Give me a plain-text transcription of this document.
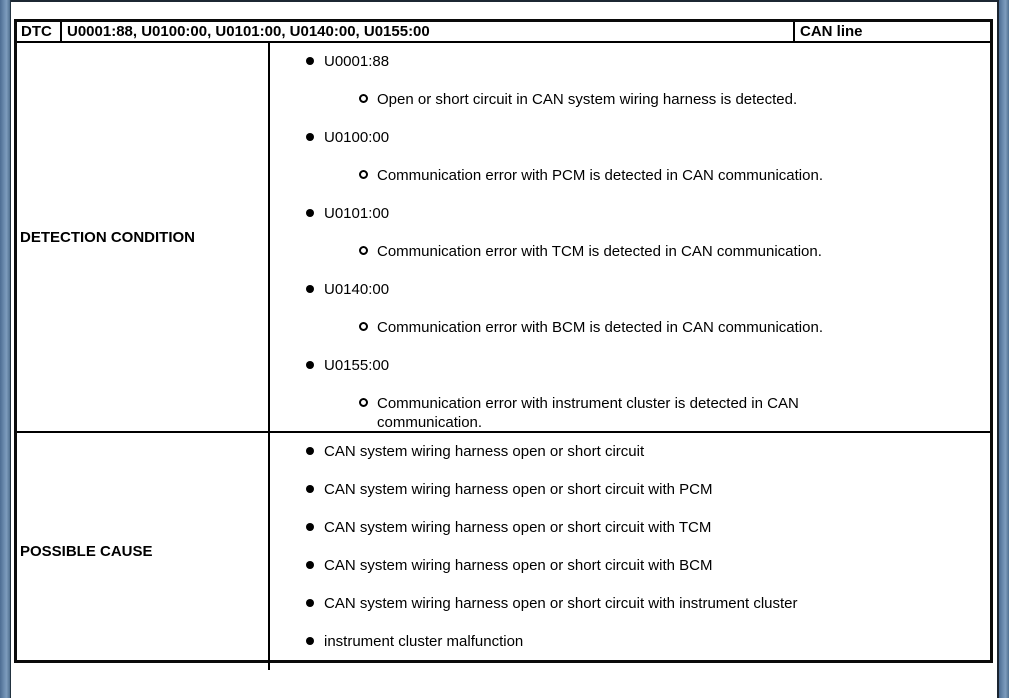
DTC	U0001:88, U0100:00, U0101:00, U0140:00, U0155:00	CAN line
DETECTION CONDITION
U0001:88
Open or short circuit in CAN system wiring harness is detected.
U0100:00
Communication error with PCM is detected in CAN communication.
U0101:00
Communication error with TCM is detected in CAN communication.
U0140:00
Communication error with BCM is detected in CAN communication.
U0155:00
Communication error with instrument cluster is detected in CAN communication.
POSSIBLE CAUSE
CAN system wiring harness open or short circuit
CAN system wiring harness open or short circuit with PCM
CAN system wiring harness open or short circuit with TCM
CAN system wiring harness open or short circuit with BCM
CAN system wiring harness open or short circuit with instrument cluster
instrument cluster malfunction
